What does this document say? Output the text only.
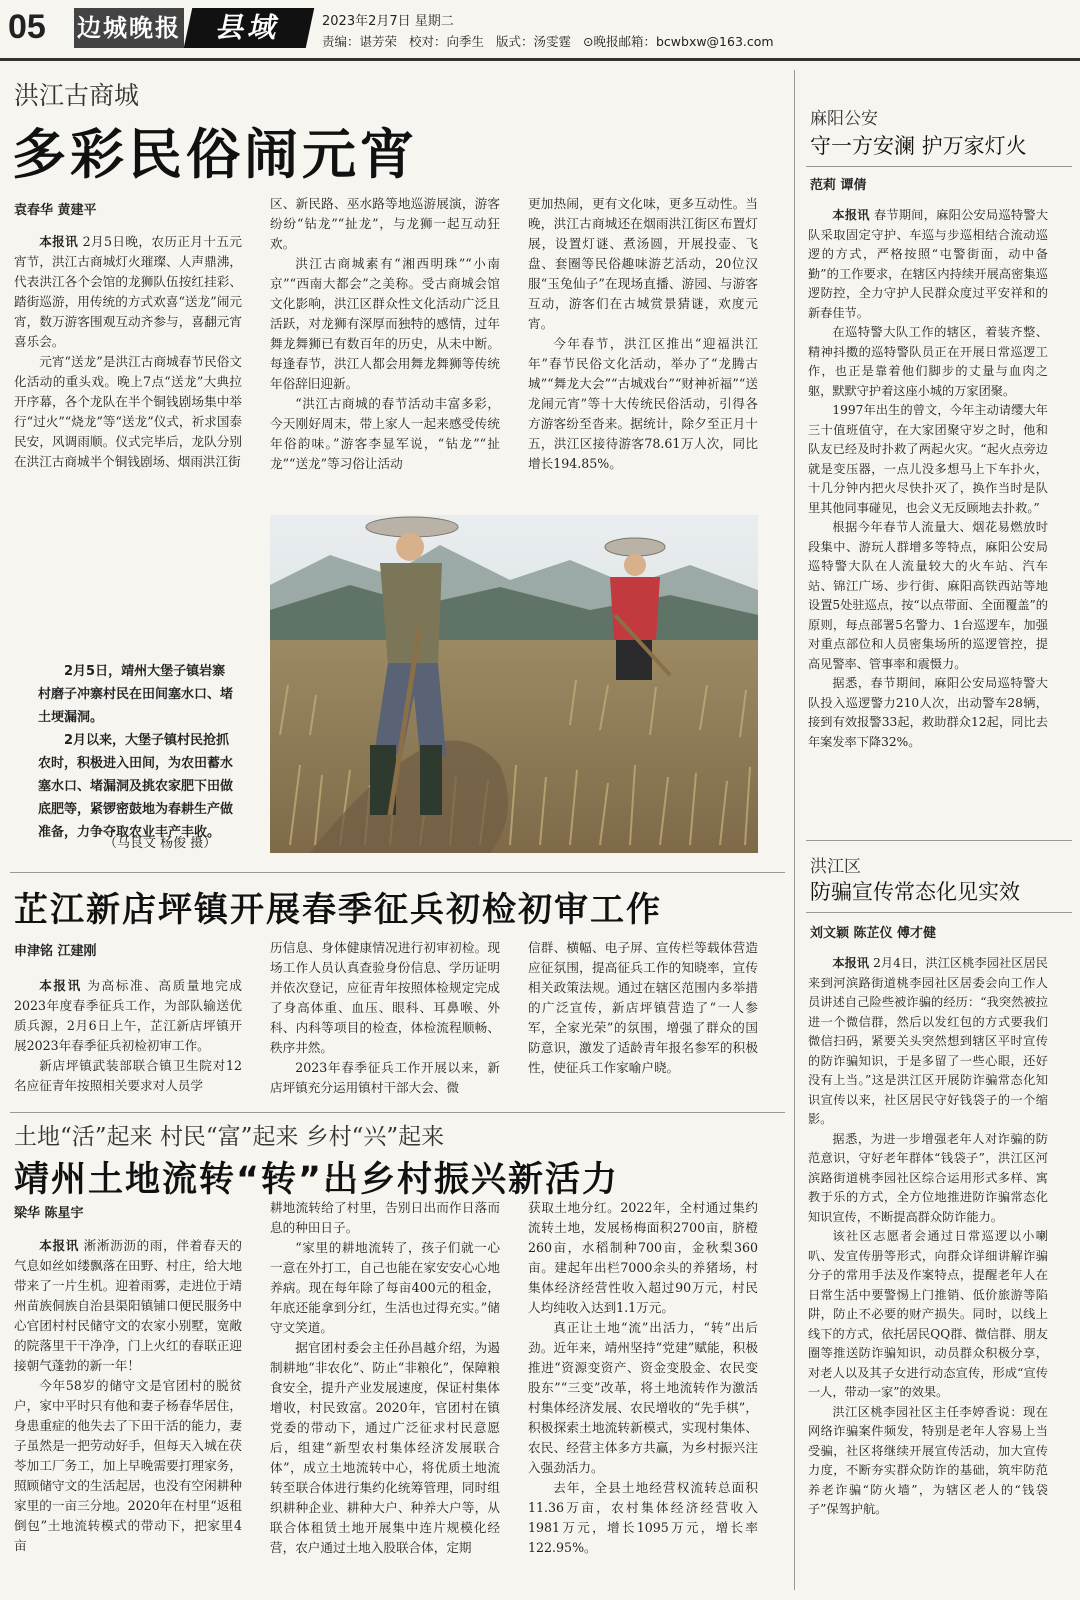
05 边城晚报	县域	2023年2月7日 星期二
责编：谌芳荣 校对：向季生 版式：汤雯霆 ⊙晚报邮箱：bcwbxw@163.com
洪江古商城
多彩民俗闹元宵
袁春华 黄建平

本报讯 2月5日晚，农历正月十五元宵节，洪江古商城灯火璀璨、人声鼎沸，代表洪江各个会馆的龙狮队伍按红挂彩、踏街巡游，用传统的方式欢喜“送龙”闹元宵，数万游客围观互动齐参与，喜翻元宵喜乐会。

元宵“送龙”是洪江古商城春节民俗文化活动的重头戏。晚上7点“送龙”大典拉开序幕，各个龙队在半个铜钱剧场集中举行“过火”“烧龙”等“送龙”仪式，祈求国泰民安，风调雨顺。仪式完毕后，龙队分别在洪江古商城半个铜钱剧场、烟雨洪江街

区、新民路、巫水路等地巡游展演，游客纷纷“钻龙”“扯龙”，与龙狮一起互动狂欢。

洪江古商城素有“湘西明珠”“小南京”“西南大都会”之美称。受古商城会馆文化影响，洪江区群众性文化活动广泛且活跃，对龙狮有深厚而独特的感情，过年舞龙舞狮已有数百年的历史，从未中断。每逢春节，洪江人都会用舞龙舞狮等传统年俗辞旧迎新。

“洪江古商城的春节活动丰富多彩，今天刚好周末，带上家人一起来感受传统年俗韵味。”游客李显军说，“钻龙”“扯龙”“送龙”等习俗让活动

更加热闹，更有文化味，更多互动性。当晚，洪江古商城还在烟雨洪江街区布置灯展，设置灯谜、煮汤圆，开展投壶、飞盘、套圈等民俗趣味游艺活动，20位汉服“玉兔仙子”在现场直播、游园、与游客互动，游客们在古城赏景猜谜，欢度元宵。

今年春节，洪江区推出“迎福洪江年”春节民俗文化活动，举办了“龙腾古城”“舞龙大会”“古城戏台”“财神祈福”“送龙闹元宵”等十大传统民俗活动，引得各方游客纷至沓来。据统计，除夕至正月十五，洪江区接待游客78.61万人次，同比增长194.85%。

2月5日，靖州大堡子镇岩寨村磨子冲寨村民在田间塞水口、堵土埂漏洞。

2月以来，大堡子镇村民抢抓农时，积极进入田间，为农田蓄水塞水口、堵漏洞及挑农家肥下田做底肥等，紧锣密鼓地为春耕生产做准备，力争夺取农业丰产丰收。

（马良文 杨俊 摄）
芷江新店坪镇开展春季征兵初检初审工作
申津铭 江建刚

本报讯 为高标准、高质量地完成2023年度春季征兵工作，为部队输送优质兵源，2月6日上午，芷江新店坪镇开展2023年春季征兵初检初审工作。

新店坪镇武装部联合镇卫生院对12名应征青年按照相关要求对人员学

历信息、身体健康情况进行初审初检。现场工作人员认真查验身份信息、学历证明并依次登记，应征青年按照体检规定完成了身高体重、血压、眼科、耳鼻喉、外科、内科等项目的检查，体检流程顺畅、秩序井然。

2023年春季征兵工作开展以来，新店坪镇充分运用镇村干部大会、微

信群、横幅、电子屏、宣传栏等载体营造应征氛围，提高征兵工作的知晓率，宣传相关政策法规。通过在辖区范围内多举措的广泛宣传，新店坪镇营造了“一人参军，全家光荣”的氛围，增强了群众的国防意识，激发了适龄青年报名参军的积极性，使征兵工作家喻户晓。

土地“活”起来 村民“富”起来 乡村“兴”起来
靖州土地流转“转”出乡村振兴新活力
梁华 陈星宇

本报讯 淅淅沥沥的雨，伴着春天的气息如丝如缕飘落在田野、村庄，给大地带来了一片生机。迎着雨雾，走进位于靖州苗族侗族自治县渠阳镇铺口便民服务中心官团村村民储守文的农家小别墅，宽敞的院落里干干净净，门上火红的春联正迎接朝气蓬勃的新一年！

今年58岁的储守文是官团村的脱贫户，家中平时只有他和妻子杨春华居住，身患重症的他失去了下田干活的能力，妻子虽然是一把劳动好手，但每天入城在茯苓加工厂务工，加上早晚需要打理家务，照顾储守文的生活起居，也没有空闲耕种家里的一亩三分地。2020年在村里“返租倒包”土地流转模式的带动下，把家里4亩

耕地流转给了村里，告别日出而作日落而息的种田日子。

“家里的耕地流转了，孩子们就一心一意在外打工，自己也能在家安安心心地养病。现在每年除了每亩400元的租金，年底还能拿到分红，生活也过得充实。”储守文笑道。

据官团村委会主任孙昌越介绍，为遏制耕地“非农化”、防止“非粮化”，保障粮食安全，提升产业发展速度，保证村集体增收，村民致富。2020年，官团村在镇党委的带动下，通过广泛征求村民意愿后，组建“新型农村集体经济发展联合体”，成立土地流转中心，将优质土地流转至联合体进行集约化统筹管理，同时组织耕种企业、耕种大户、种养大户等，从联合体租赁土地开展集中连片规模化经营，农户通过土地入股联合体，定期

获取土地分红。2022年，全村通过集约流转土地，发展杨梅面积2700亩，脐橙260亩，水稻制种700亩，金秋梨360亩。建起年出栏7000余头的养猪场，村集体经济经营性收入超过90万元，村民人均纯收入达到1.1万元。

真正让土地“流”出活力，“转”出后劲。近年来，靖州坚持“党建”赋能，积极推进“资源变资产、资金变股金、农民变股东”“三变”改革，将土地流转作为激活村集体经济发展、农民增收的“先手棋”，积极探索土地流转新模式，实现村集体、农民、经营主体多方共赢，为乡村振兴注入强劲活力。

去年，全县土地经营权流转总面积11.36万亩，农村集体经济经营收入1981万元，增长1095万元，增长率122.95%。

麻阳公安
守一方安澜 护万家灯火
范莉 谭倩

本报讯 春节期间，麻阳公安局巡特警大队采取固定守护、车巡与步巡相结合流动巡逻的方式，严格按照“屯警街面，动中备勤”的工作要求，在辖区内持续开展高密集巡逻防控，全力守护人民群众度过平安祥和的新春佳节。

在巡特警大队工作的辖区，着装齐整、精神抖擞的巡特警队员正在开展日常巡逻工作，也正是靠着他们脚步的丈量与血肉之躯，默默守护着这座小城的万家团聚。

1997年出生的曾文，今年主动请缨大年三十值班值守，在大家团聚守岁之时，他和队友已经及时扑救了两起火灾。“起火点旁边就是变压器，一点儿没多想马上下车扑火，十几分钟内把火尽快扑灭了，换作当时是队里其他同事碰见，也会义无反顾地去扑救。”

根据今年春节人流量大、烟花易燃放时段集中、游玩人群增多等特点，麻阳公安局巡特警大队在人流量较大的火车站、汽车站、锦江广场、步行街、麻阳高铁西站等地设置5处驻巡点，按“以点带面、全面覆盖”的原则，每点部署5名警力、1台巡逻车，加强对重点部位和人员密集场所的巡逻管控，提高见警率、管事率和震慑力。

据悉，春节期间，麻阳公安局巡特警大队投入巡逻警力210人次，出动警车28辆，接到有效报警33起，救助群众12起，同比去年案发率下降32%。

洪江区
防骗宣传常态化见实效
刘文颖 陈芷仪 傅才健

本报讯 2月4日，洪江区桃李园社区居民来到河滨路街道桃李园社区居委会向工作人员讲述自己险些被诈骗的经历：“我突然被拉进一个微信群，然后以发红包的方式要我们微信扫码，紧要关头突然想到辖区平时宣传的防诈骗知识，于是多留了一些心眼，还好没有上当。”这是洪江区开展防诈骗常态化知识宣传以来，社区居民守好钱袋子的一个缩影。

据悉，为进一步增强老年人对诈骗的防范意识，守好老年群体“钱袋子”，洪江区河滨路街道桃李园社区综合运用形式多样、寓教于乐的方式，全方位地推进防诈骗常态化知识宣传，不断提高群众防诈能力。

该社区志愿者会通过日常巡逻以小喇叭、发宣传册等形式，向群众详细讲解诈骗分子的常用手法及作案特点，提醒老年人在日常生活中要警惕上门推销、低价旅游等陷阱，防止不必要的财产损失。同时，以线上线下的方式，依托居民QQ群、微信群、朋友圈等推送防诈骗知识，动员群众积极分享，对老人以及其子女进行动态宣传，形成“宣传一人，带动一家”的效果。

洪江区桃李园社区主任李婷香说：现在网络诈骗案件频发，特别是老年人容易上当受骗，社区将继续开展宣传活动，加大宣传力度，不断夯实群众防诈的基础，筑牢防范养老诈骗“防火墙”，为辖区老人的“钱袋子”保驾护航。
